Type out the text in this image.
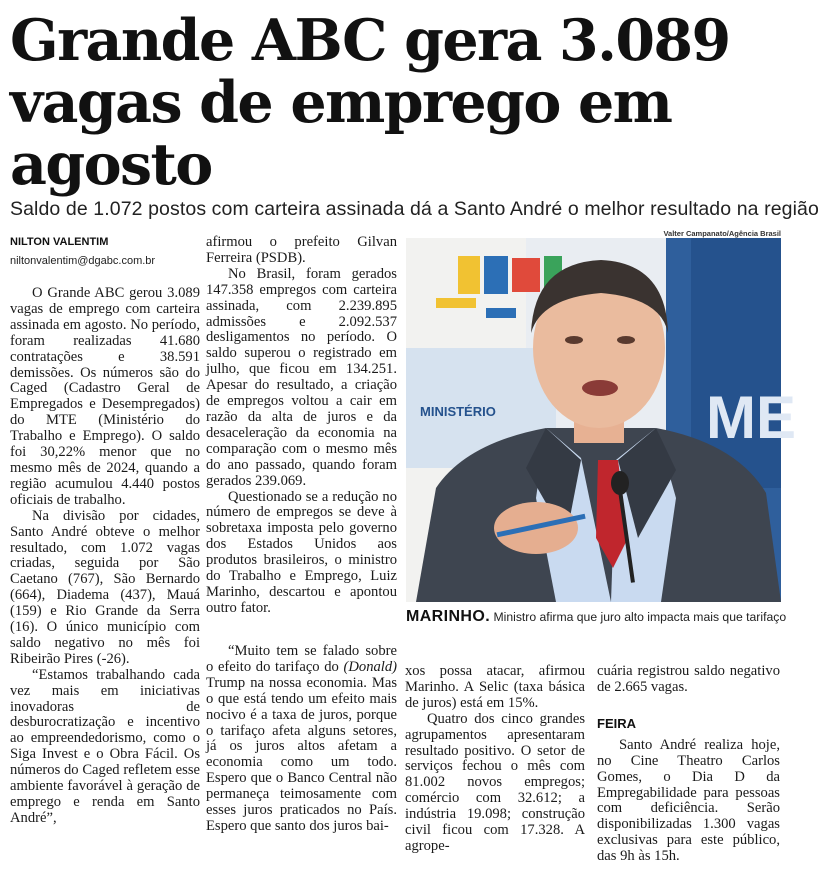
Grande ABC gera 3.089
vagas de emprego em agosto
Saldo de 1.072 postos com carteira assinada dá a Santo André o melhor resultado na região
NILTON VALENTIM
niltonvalentim@dgabc.com.br

O Grande ABC gerou 3.089 vagas de emprego com carteira assinada em agosto. No período, foram realizadas 41.680 contratações e 38.591 demissões. Os números são do Caged (Cadastro Geral de Empregados e Desempregados) do MTE (Ministério do Trabalho e Emprego). O saldo foi 30,22% menor que no mesmo mês de 2024, quando a região acumulou 4.440 postos oficiais de trabalho.

Na divisão por cidades, Santo André obteve o melhor resultado, com 1.072 vagas criadas, seguida por São Caetano (767), São Bernardo (664), Diadema (437), Mauá (159) e Rio Grande da Serra (16). O único município com saldo negativo no mês foi Ribeirão Pires (-26).

“Estamos trabalhando cada vez mais em iniciativas inovadoras de desburocratização e incentivo ao empreendedorismo, como o Siga Invest e o Obra Fácil. Os números do Caged refletem esse ambiente favorável à geração de emprego e renda em Santo André”,

afirmou o prefeito Gilvan Ferreira (PSDB).

No Brasil, foram gerados 147.358 empregos com carteira assinada, com 2.239.895 admissões e 2.092.537 desligamentos no período. O saldo superou o registrado em julho, que ficou em 134.251. Apesar do resultado, a criação de empregos voltou a cair em razão da alta de juros e da desaceleração da economia na comparação com o mesmo mês do ano passado, quando foram gerados 239.069.

Questionado se a redução no número de empregos se deve à sobretaxa imposta pelo governo dos Estados Unidos aos produtos brasileiros, o ministro do Trabalho e Emprego, Luiz Marinho, descartou e apontou outro fator.

“Muito tem se falado sobre o efeito do tarifaço do (Donald) Trump na nossa economia. Mas o que está tendo um efeito mais nocivo é a taxa de juros, porque o tarifaço afeta alguns setores, já os juros altos afetam a economia como um todo. Espero que o Banco Central não permaneça teimosamente com esses juros praticados no País. Espero que santo dos juros bai-

xos possa atacar, afirmou Marinho. A Selic (taxa básica de juros) está em 15%.

Quatro dos cinco grandes agrupamentos apresentaram resultado positivo. O setor de serviços fechou o mês com 81.002 novos empregos; comércio com 32.612; a indústria 19.098; construção civil ficou com 17.328. A agrope-

cuária registrou saldo negativo de 2.665 vagas.

FEIRA

Santo André realiza hoje, no Cine Theatro Carlos Gomes, o Dia D da Empregabilidade para pessoas com deficiência. Serão disponibilizadas 1.300 vagas exclusivas para este público, das 9h às 15h.

Valter Campanato/Agência Brasil
MINISTÉRIO	ME
MARINHO. Ministro afirma que juro alto impacta mais que tarifaço
